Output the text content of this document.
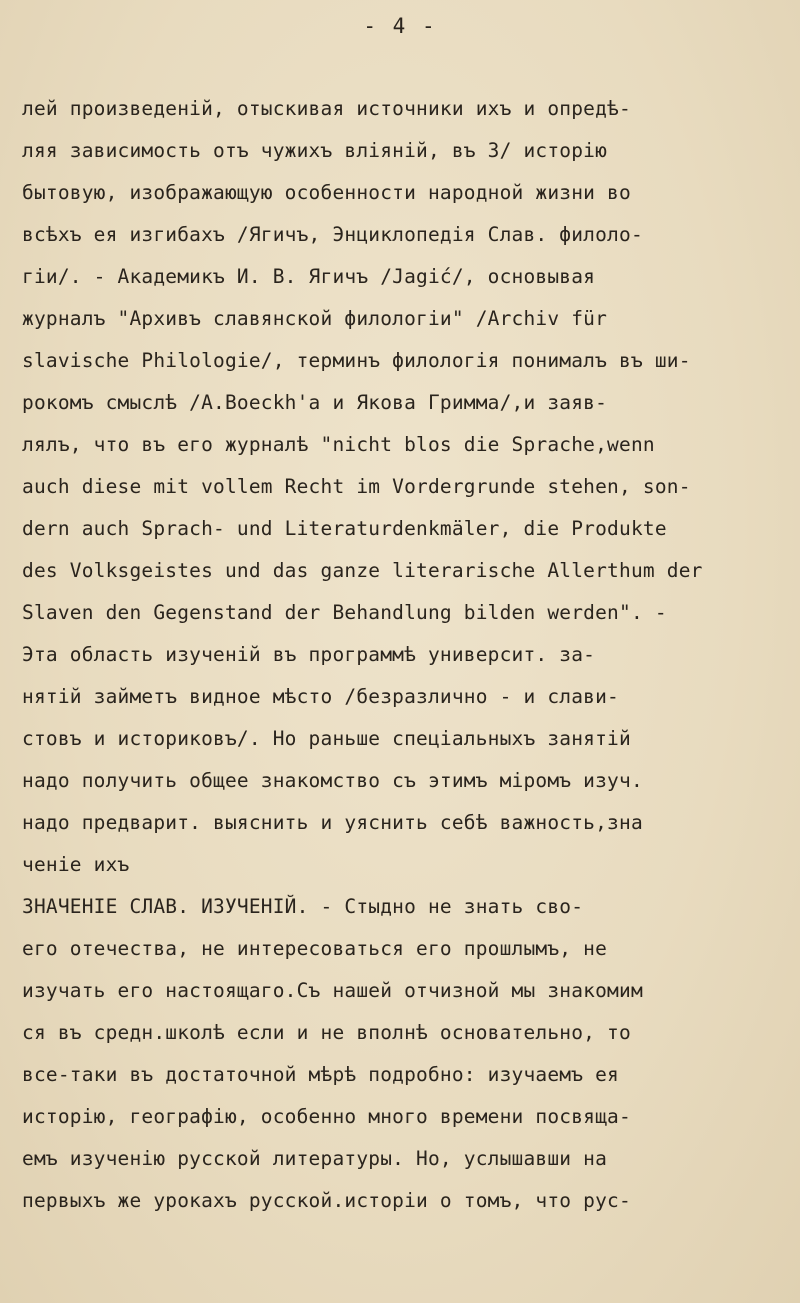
- 4 -
лей произведеній, отыскивая источники ихъ и опредѣ-
ляя зависимость отъ чужихъ вліяній, въ 3/ исторію
бытовую, изображающую особенности народной жизни во
всѣхъ ея изгибахъ /Ягичъ, Энциклопедія Слав. филоло-
гіи/. - Академикъ И. В. Ягичъ /Jagić/, основывая
журналъ "Архивъ славянской филологіи" /Archiv für
slavische Philologie/, терминъ филологія понималъ въ ши-
рокомъ смыслѣ /A.Boeckh'a и Якова Гримма/,и заяв-
лялъ, что въ его журналѣ "nicht blos die Sprache,wenn
auch diese mit vollem Recht im Vordergrunde stehen, son-
dern auch Sprach- und Literaturdenkmäler, die Produkte
des Volksgeistes und das ganze literarische Allerthum der
Slaven den Gegenstand der Behandlung bilden werden". -
Эта область изученій въ программѣ университ. за-
нятій займетъ видное мѣсто /безразлично - и слави-
стовъ и историковъ/. Но раньше спеціальныхъ занятій
надо получить общее знакомство съ этимъ міромъ изуч.
надо предварит. выяснить и уяснить себѣ важность,зна
ченіе ихъ
ЗНАЧЕНІЕ СЛАВ. ИЗУЧЕНІЙ. - Стыдно не знать сво-
его отечества, не интересоваться его прошлымъ, не
изучать его настоящаго.Съ нашей отчизной мы знакомим
ся въ средн.школѣ если и не вполнѣ основательно, то
все-таки въ достаточной мѣрѣ подробно: изучаемъ ея
исторію, географію, особенно много времени посвяща-
емъ изученію русской литературы. Но, услышавши на
первыхъ же урокахъ русской.исторіи о томъ, что рус-
